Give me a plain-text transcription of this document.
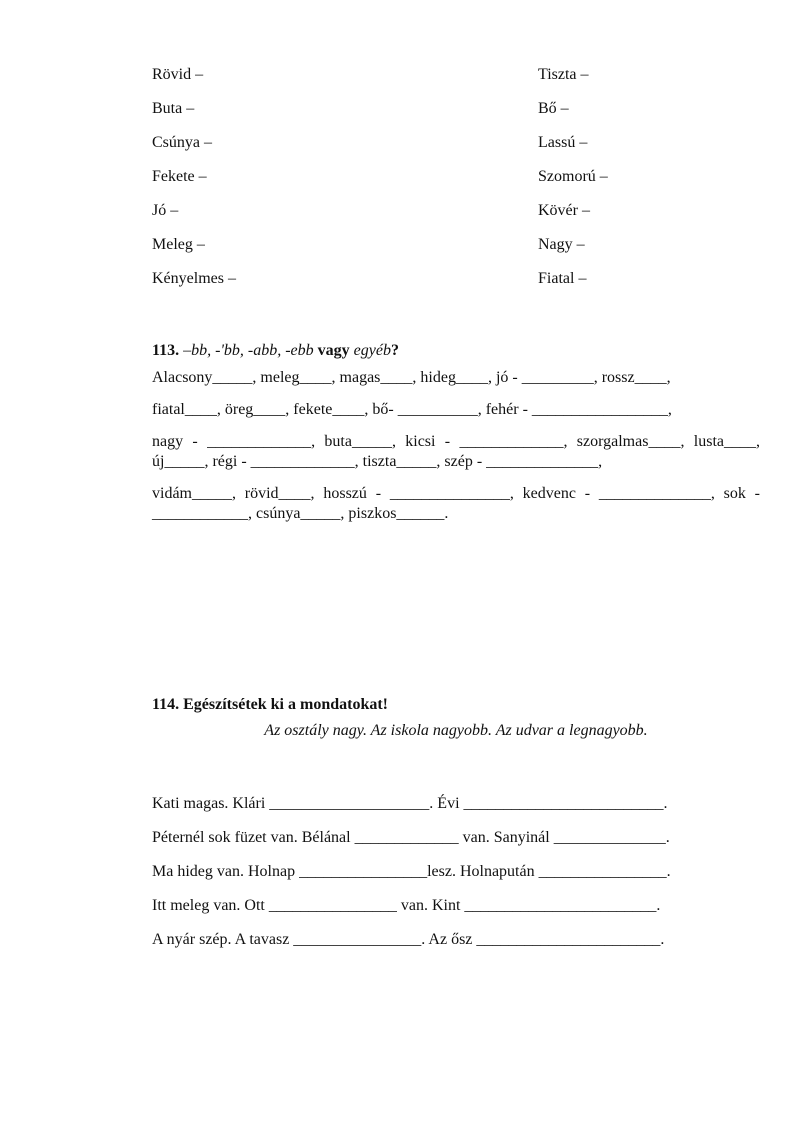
Rövid –	Tiszta –
Buta –	Bő –
Csúnya –	Lassú –
Fekete –	Szomorú –
Jó –	Kövér –
Meleg –	Nagy –
Kényelmes –	Fiatal –
113. –bb, -'bb, -abb, -ebb vagy egyéb?
Alacsony_____, meleg____, magas____, hideg____, jó - _________, rossz____,
fiatal____, öreg____, fekete____, bő- __________, fehér - _________________,
nagy - _____________, buta_____, kicsi - _____________, szorgalmas____, lusta____, új_____, régi - _____________, tiszta_____, szép - ______________,
vidám_____, rövid____, hosszú - _______________, kedvenc - ______________, sok - ____________, csúnya_____, piszkos______.
114. Egészítsétek ki a mondatokat!
Az osztály nagy. Az iskola nagyobb. Az udvar a legnagyobb.
Kati magas. Klári ____________________. Évi _________________________.
Péternél sok füzet van. Bélánal _____________ van. Sanyinál ______________.
Ma hideg van. Holnap ________________lesz. Holnapután ________________.
Itt meleg van. Ott ________________ van. Kint ________________________.
A nyár szép. A tavasz ________________. Az ősz _______________________.
